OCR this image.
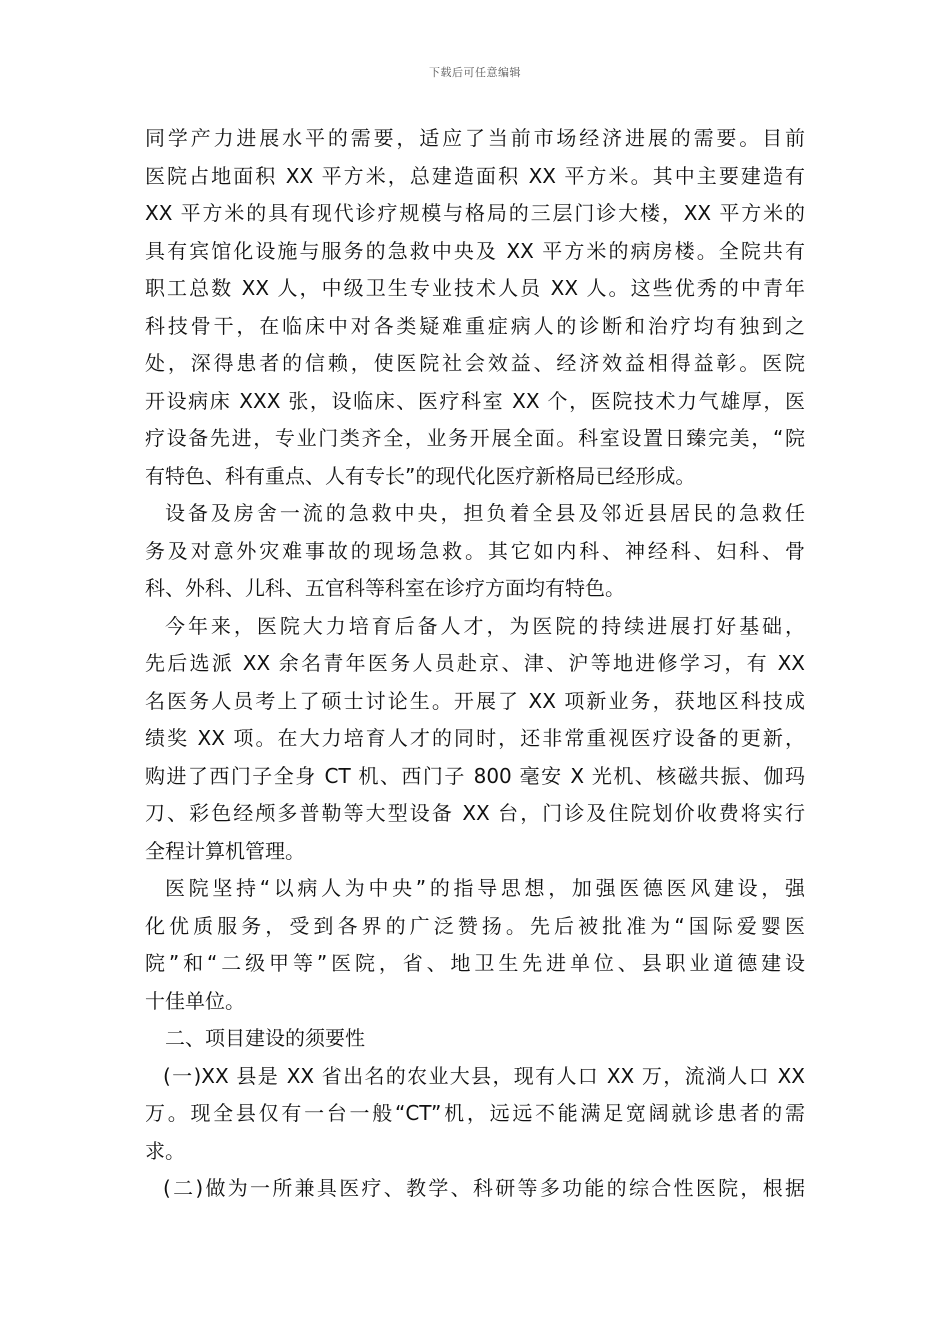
下载后可任意编辑
同学产力进展水平的需要，适应了当前市场经济进展的需要。目前
医院占地面积 XX 平方米，总建造面积 XX 平方米。其中主要建造有
XX 平方米的具有现代诊疗规模与格局的三层门诊大楼，XX 平方米的
具有宾馆化设施与服务的急救中央及 XX 平方米的病房楼。全院共有
职工总数 XX 人，中级卫生专业技术人员 XX 人。这些优秀的中青年
科技骨干，在临床中对各类疑难重症病人的诊断和治疗均有独到之
处，深得患者的信赖，使医院社会效益、经济效益相得益彰。医院
开设病床 XXX 张，设临床、医疗科室 XX 个，医院技术力气雄厚，医
疗设备先进，专业门类齐全，业务开展全面。科室设置日臻完美，“院
有特色、科有重点、人有专长”的现代化医疗新格局已经形成。
设备及房舍一流的急救中央，担负着全县及邻近县居民的急救任
务及对意外灾难事故的现场急救。其它如内科、神经科、妇科、骨
科、外科、儿科、五官科等科室在诊疗方面均有特色。
今年来，医院大力培育后备人才，为医院的持续进展打好基础，
先后选派 XX 余名青年医务人员赴京、津、沪等地进修学习，有 XX
名医务人员考上了硕士讨论生。开展了 XX 项新业务，获地区科技成
绩奖 XX 项。在大力培育人才的同时，还非常重视医疗设备的更新，
购进了西门子全身 CT 机、西门子 800 毫安 X 光机、核磁共振、伽玛
刀、彩色经颅多普勒等大型设备 XX 台，门诊及住院划价收费将实行
全程计算机管理。
医院坚持“以病人为中央”的指导思想，加强医德医风建设，强
化优质服务，受到各界的广泛赞扬。先后被批准为“国际爱婴医
院”和“二级甲等”医院，省、地卫生先进单位、县职业道德建设
十佳单位。
二、项目建设的须要性
(一)XX 县是 XX 省出名的农业大县，现有人口 XX 万，流淌人口 XX
万。现全县仅有一台一般“CT”机，远远不能满足宽阔就诊患者的需
求。
(二)做为一所兼具医疗、教学、科研等多功能的综合性医院，根据
